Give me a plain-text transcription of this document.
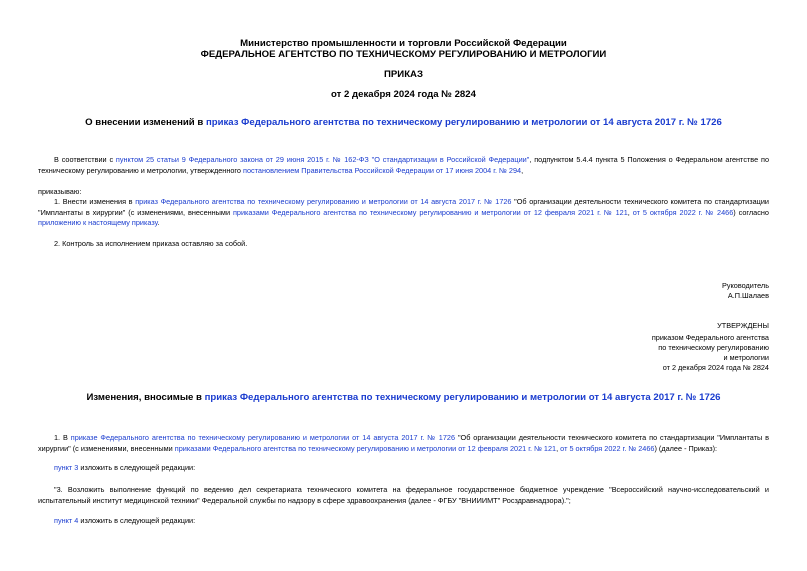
Министерство промышленности и торговли Российской Федерации
ФЕДЕРАЛЬНОЕ АГЕНТСТВО ПО ТЕХНИЧЕСКОМУ РЕГУЛИРОВАНИЮ И МЕТРОЛОГИИ
ПРИКАЗ
от 2 декабря 2024 года № 2824
О внесении изменений в приказ Федерального агентства по техническому регулированию и метрологии от 14 августа 2017 г. № 1726
В соответствии с пунктом 25 статьи 9 Федерального закона от 29 июня 2015 г. № 162-ФЗ "О стандартизации в Российской Федерации", подпунктом 5.4.4 пункта 5 Положения о Федеральном агентстве по техническому регулированию и метрологии, утвержденного постановлением Правительства Российской Федерации от 17 июня 2004 г. № 294,
приказываю:
1. Внести изменения в приказ Федерального агентства по техническому регулированию и метрологии от 14 августа 2017 г. № 1726 "Об организации деятельности технического комитета по стандартизации "Имплантаты в хирургии" (с изменениями, внесенными приказами Федерального агентства по техническому регулированию и метрологии от 12 февраля 2021 г. № 121, от 5 октября 2022 г. № 2466) согласно приложению к настоящему приказу.
2. Контроль за исполнением приказа оставляю за собой.
Руководитель
А.П.Шалаев
УТВЕРЖДЕНЫ
приказом Федерального агентства
по техническому регулированию
и метрологии
от 2 декабря 2024 года № 2824
Изменения, вносимые в приказ Федерального агентства по техническому регулированию и метрологии от 14 августа 2017 г. № 1726
1. В приказе Федерального агентства по техническому регулированию и метрологии от 14 августа 2017 г. № 1726 "Об организации деятельности технического комитета по стандартизации "Имплантаты в хирургии" (с изменениями, внесенными приказами Федерального агентства по техническому регулированию и метрологии от 12 февраля 2021 г. № 121, от 5 октября 2022 г. № 2466) (далее - Приказ):
пункт 3 изложить в следующей редакции:
"3. Возложить выполнение функций по ведению дел секретариата технического комитета на федеральное государственное бюджетное учреждение "Всероссийский научно-исследовательский и испытательный институт медицинской техники" Федеральной службы по надзору в сфере здравоохранения (далее - ФГБУ "ВНИИИМТ" Росздравнадзора).";
пункт 4 изложить в следующей редакции:
